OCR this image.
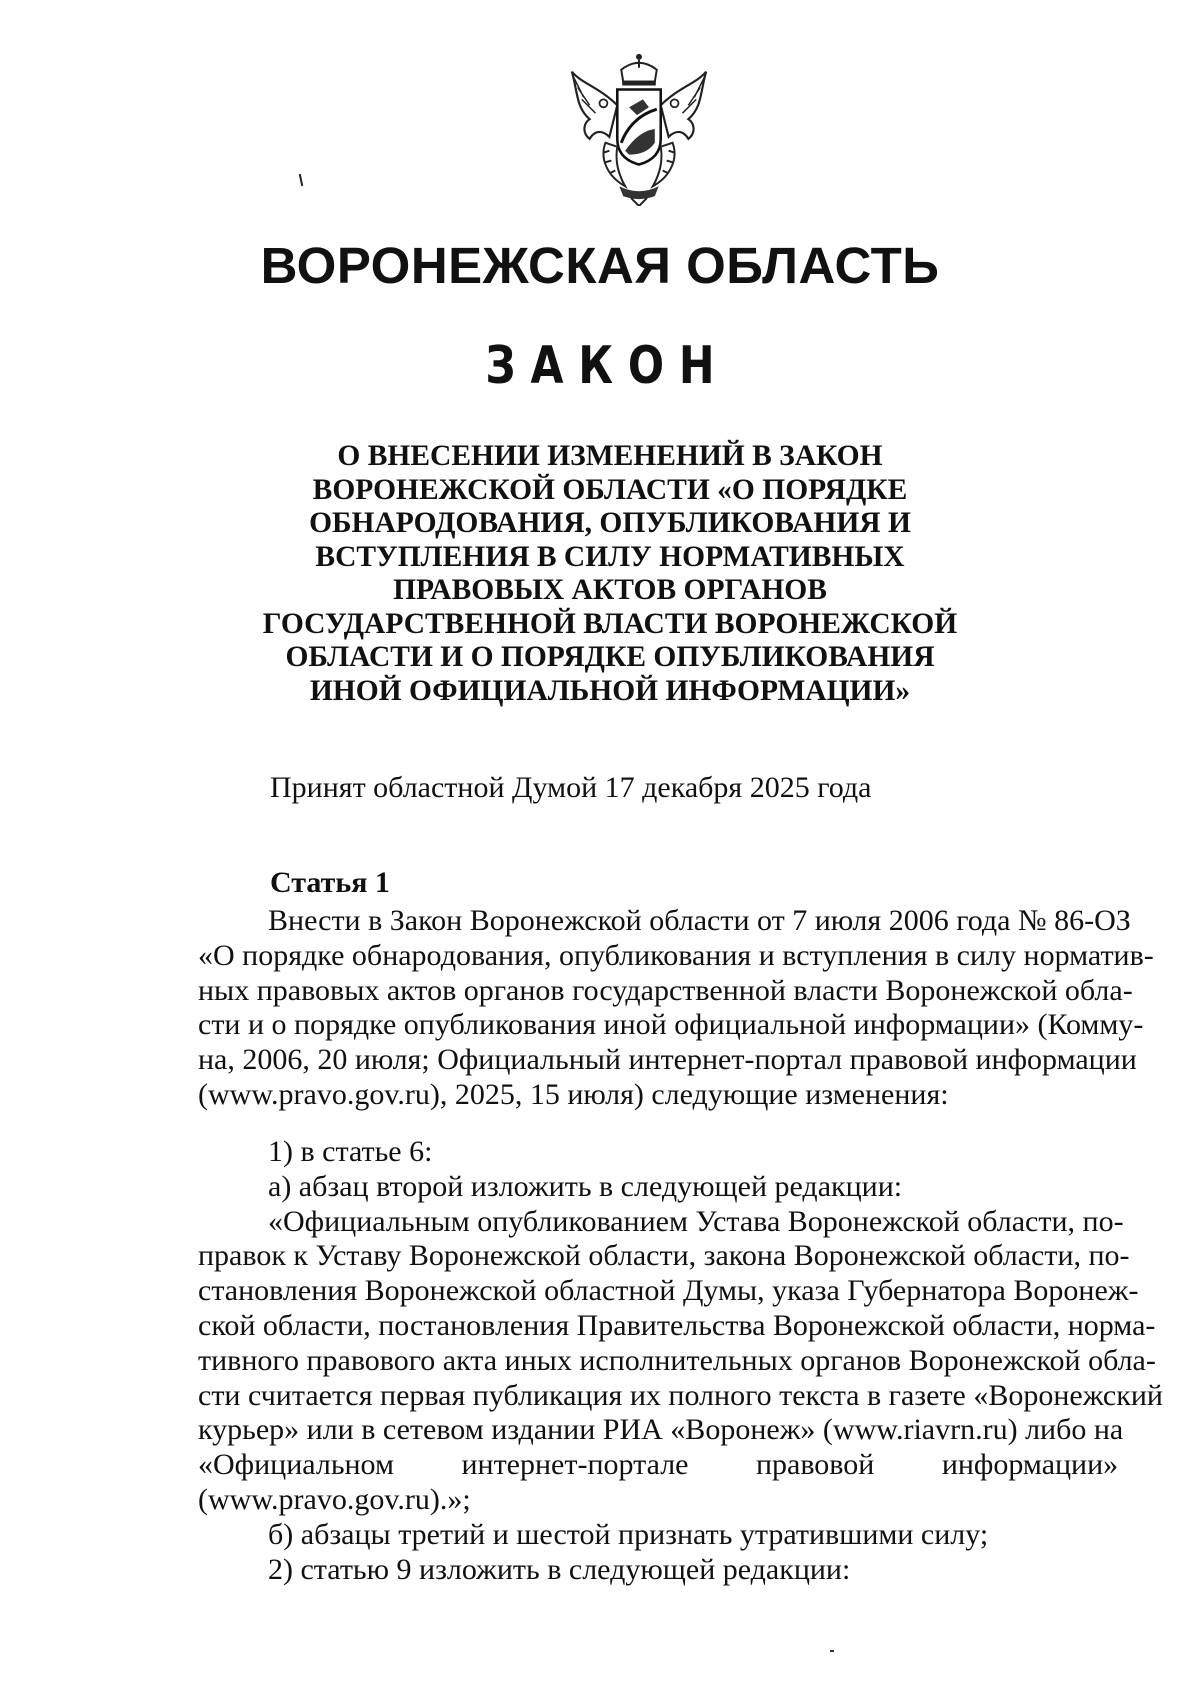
ВОРОНЕЖСКАЯ ОБЛАСТЬ
ЗАКОН
О ВНЕСЕНИИ ИЗМЕНЕНИЙ В ЗАКОН
ВОРОНЕЖСКОЙ ОБЛАСТИ «О ПОРЯДКЕ
ОБНАРОДОВАНИЯ, ОПУБЛИКОВАНИЯ И
ВСТУПЛЕНИЯ В СИЛУ НОРМАТИВНЫХ
ПРАВОВЫХ АКТОВ ОРГАНОВ
ГОСУДАРСТВЕННОЙ ВЛАСТИ ВОРОНЕЖСКОЙ
ОБЛАСТИ И О ПОРЯДКЕ ОПУБЛИКОВАНИЯ
ИНОЙ ОФИЦИАЛЬНОЙ ИНФОРМАЦИИ»
Принят областной Думой 17 декабря 2025 года
Статья 1
Внести в Закон Воронежской области от 7 июля 2006 года № 86-ОЗ
«О порядке обнародования, опубликования и вступления в силу норматив-
ных правовых актов органов государственной власти Воронежской обла-
сти и о порядке опубликования иной официальной информации» (Комму-
на, 2006, 20 июля; Официальный интернет-портал правовой информации
(www.pravo.gov.ru), 2025, 15 июля) следующие изменения:
1) в статье 6:
а) абзац второй изложить в следующей редакции:
«Официальным опубликованием Устава Воронежской области, по-
правок к Уставу Воронежской области, закона Воронежской области, по-
становления Воронежской областной Думы, указа Губернатора Воронеж-
ской области, постановления Правительства Воронежской области, норма-
тивного правового акта иных исполнительных органов Воронежской обла-
сти считается первая публикация их полного текста в газете «Воронежский
курьер» или в сетевом издании РИА «Воронеж» (www.riavrn.ru) либо на
«Официальном интернет-портале правовой информации»
(www.pravo.gov.ru).»;
б) абзацы третий и шестой признать утратившими силу;
2) статью 9 изложить в следующей редакции:
